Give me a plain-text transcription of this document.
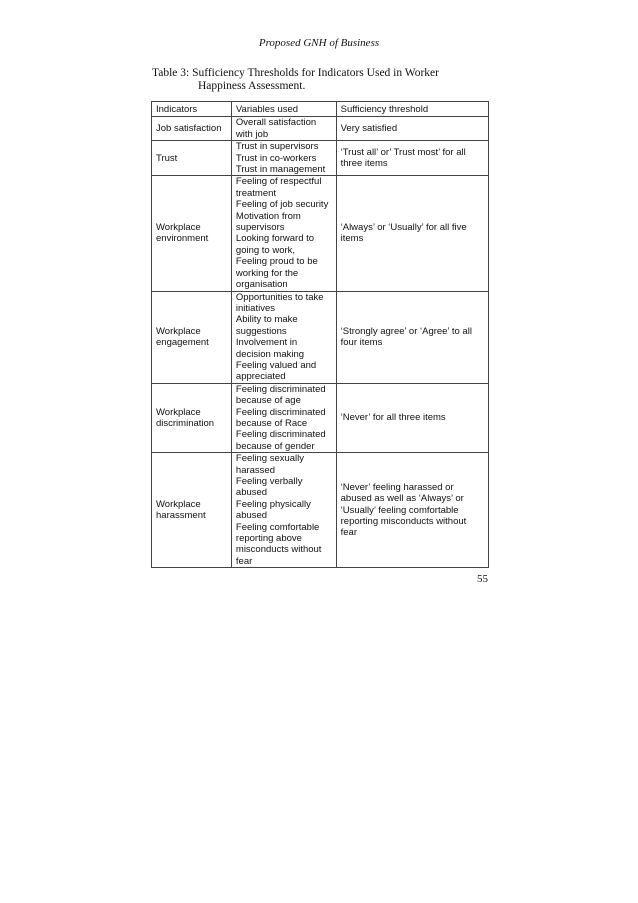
Proposed GNH of Business
Table 3: Sufficiency Thresholds for Indicators Used in Worker
Happiness Assessment.
Indicators	Variables used	Sufficiency threshold
Job satisfaction	Overall satisfaction with job	Very satisfied
Trust	Trust in supervisors
Trust in co-workers
Trust in management	‘Trust all’ or’ Trust most’ for all three items
Workplace environment	Feeling of respectful treatment
Feeling of job security
Motivation from supervisors
Looking forward to going to work,
Feeling proud to be working for the organisation	‘Always’ or ‘Usually’ for all five items
Workplace engagement	Opportunities to take initiatives
Ability to make suggestions
Involvement in decision making
Feeling valued and appreciated	‘Strongly agree’ or ‘Agree’ to all four items
Workplace discrimination	Feeling discriminated because of age
Feeling discriminated because of Race
Feeling discriminated because of gender	‘Never’ for all three items
Workplace harassment	Feeling sexually harassed
Feeling verbally abused
Feeling physically abused
Feeling comfortable reporting above misconducts without fear	‘Never’ feeling harassed or abused as well as ‘Always’ or ‘Usually’ feeling comfortable reporting misconducts without fear
55
